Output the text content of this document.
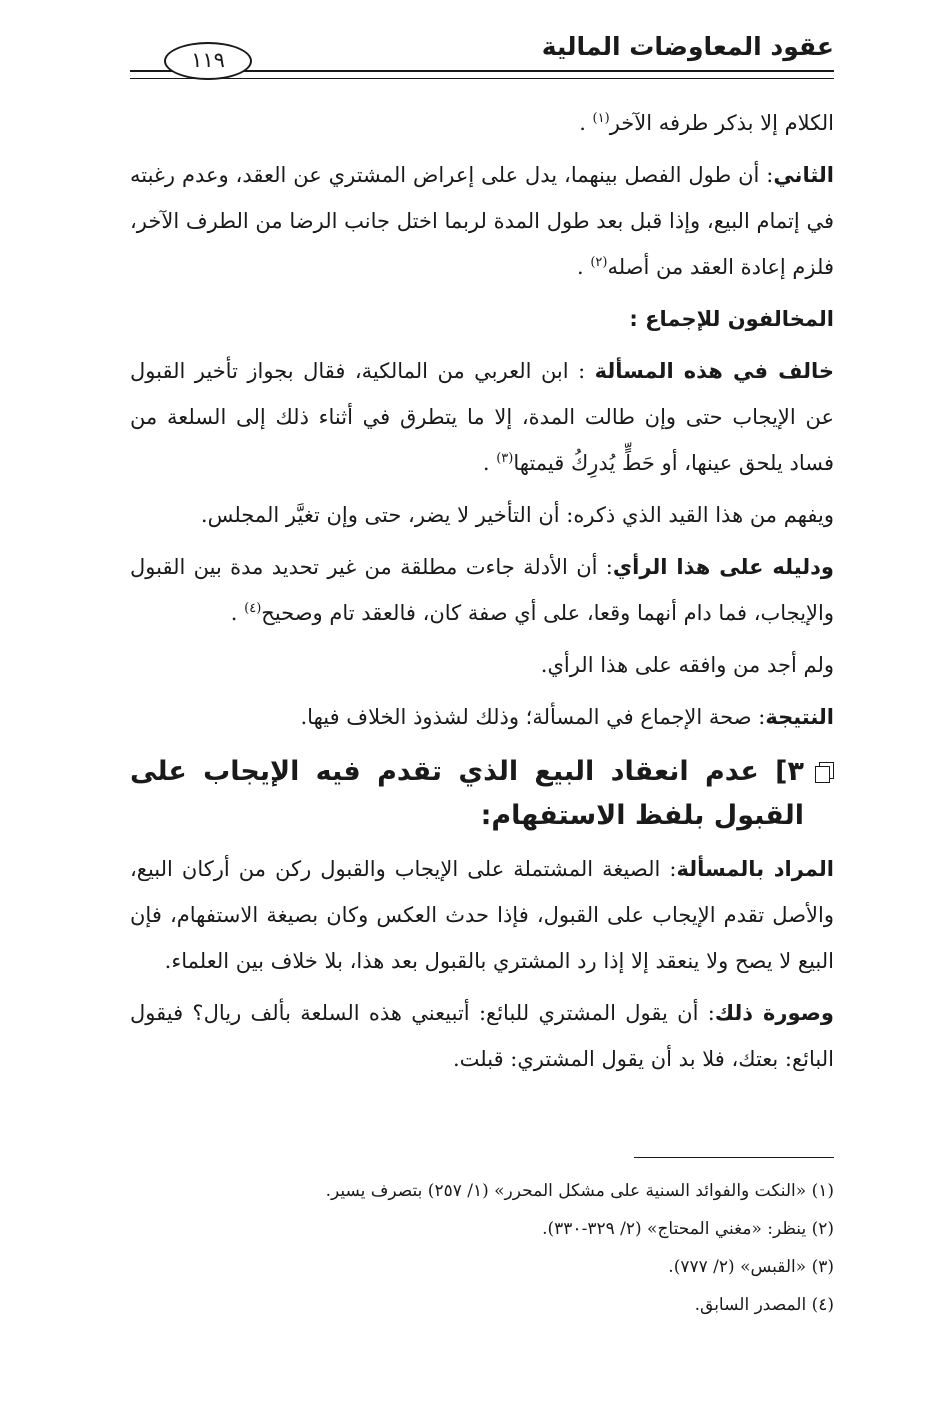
عقود المعاوضات المالية
١١٩

الكلام إلا بذكر طرفه الآخر$^{(١)}$ .

الثاني: أن طول الفصل بينهما، يدل على إعراض المشتري عن العقد، وعدم رغبته في إتمام البيع، وإذا قبل بعد طول المدة لربما اختل جانب الرضا من الطرف الآخر، فلزم إعادة العقد من أصله$^{(٢)}$ .

المخالفون للإجماع :

خالف في هذه المسألة : ابن العربي من المالكية، فقال بجواز تأخير القبول عن الإيجاب حتى وإن طالت المدة، إلا ما يتطرق في أثناء ذلك إلى السلعة من فساد يلحق عينها، أو حَطٍّ يُدرِكُ قيمتها$^{(٣)}$ .

ويفهم من هذا القيد الذي ذكره: أن التأخير لا يضر، حتى وإن تغيَّر المجلس.

ودليله على هذا الرأي: أن الأدلة جاءت مطلقة من غير تحديد مدة بين القبول والإيجاب، فما دام أنهما وقعا، على أي صفة كان، فالعقد تام وصحيح$^{(٤)}$ .

ولم أجد من وافقه على هذا الرأي.

النتيجة: صحة الإجماع في المسألة؛ وذلك لشذوذ الخلاف فيها.

٣] عدم انعقاد البيع الذي تقدم فيه الإيجاب على القبول بلفظ الاستفهام:

المراد بالمسألة: الصيغة المشتملة على الإيجاب والقبول ركن من أركان البيع، والأصل تقدم الإيجاب على القبول، فإذا حدث العكس وكان بصيغة الاستفهام، فإن البيع لا يصح ولا ينعقد إلا إذا رد المشتري بالقبول بعد هذا، بلا خلاف بين العلماء.

وصورة ذلك: أن يقول المشتري للبائع: أتبيعني هذه السلعة بألف ريال؟ فيقول البائع: بعتك، فلا بد أن يقول المشتري: قبلت.

(١) «النكت والفوائد السنية على مشكل المحرر» (١/ ٢٥٧) بتصرف يسير.

(٢) ينظر: «مغني المحتاج» (٢/ ٣٢٩-٣٣٠).

(٣) «القبس» (٢/ ٧٧٧).

(٤) المصدر السابق.
